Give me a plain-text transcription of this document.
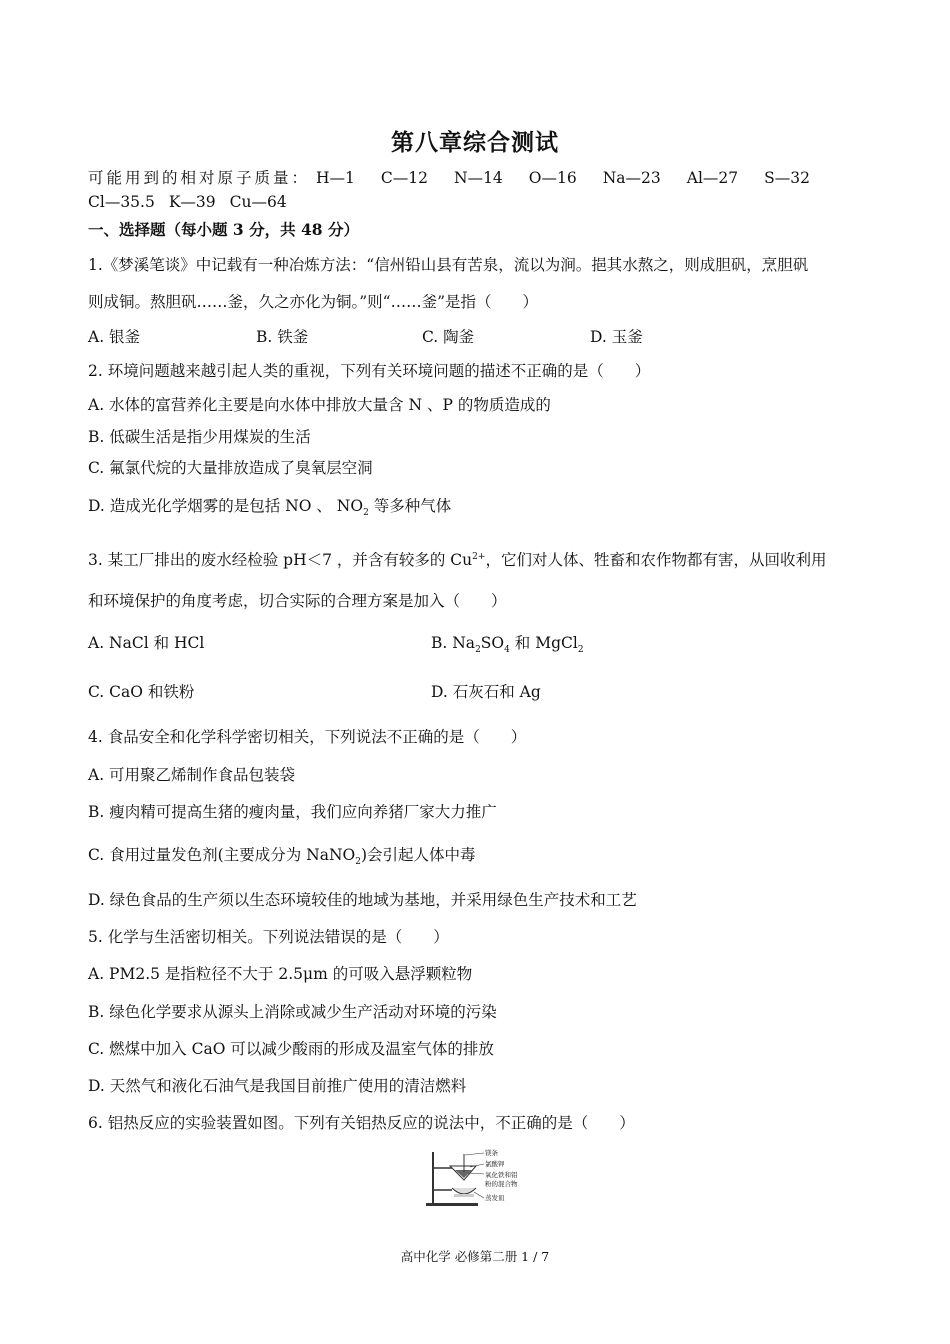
第八章综合测试
可能用到的相对原子质量： H—1 C—12 N—14 O—16 Na—23 Al—27 S—32
Cl—35.5 K—39 Cu—64
一、选择题（每小题 3 分，共 48 分）
1.《梦溪笔谈》中记载有一种冶炼方法：“信州铅山县有苦泉，流以为涧。挹其水熬之，则成胆矾，烹胆矾
则成铜。熬胆矾……釜，久之亦化为铜。”则“……釜”是指（　　）
A. 银釜	B. 铁釜	C. 陶釜	D. 玉釜
2. 环境问题越来越引起人类的重视，下列有关环境问题的描述不正确的是（　　）
A. 水体的富营养化主要是向水体中排放大量含 N 、P 的物质造成的
B. 低碳生活是指少用煤炭的生活
C. 氟氯代烷的大量排放造成了臭氧层空洞
D. 造成光化学烟雾的是包括 NO 、 $NO_2$ 等多种气体
3. 某工厂排出的废水经检验 pH＜7 ，并含有较多的 $Cu^{2+}$，它们对人体、牲畜和农作物都有害，从回收利用
和环境保护的角度考虑，切合实际的合理方案是加入（　　）
A. NaCl 和 HCl	B. $Na_2SO_4$ 和 MgCl$_2$
C. CaO 和铁粉	D. 石灰石和 Ag
4. 食品安全和化学科学密切相关，下列说法不正确的是（　　）
A. 可用聚乙烯制作食品包装袋
B. 瘦肉精可提高生猪的瘦肉量，我们应向养猪厂家大力推广
C. 食用过量发色剂(主要成分为 NaNO$_2$)会引起人体中毒
D. 绿色食品的生产须以生态环境较佳的地域为基地，并采用绿色生产技术和工艺
5. 化学与生活密切相关。下列说法错误的是（　　）
A. PM2.5 是指粒径不大于 2.5μm 的可吸入悬浮颗粒物
B. 绿色化学要求从源头上消除或减少生产活动对环境的污染
C. 燃煤中加入 CaO 可以减少酸雨的形成及温室气体的排放
D. 天然气和液化石油气是我国目前推广使用的清洁燃料
6. 铝热反应的实验装置如图。下列有关铝热反应的说法中，不正确的是（　　）
镁条
氯酸钾
氧化铁和铝
粉的混合物
蒸发皿
高中化学 必修第二册 1 / 7
